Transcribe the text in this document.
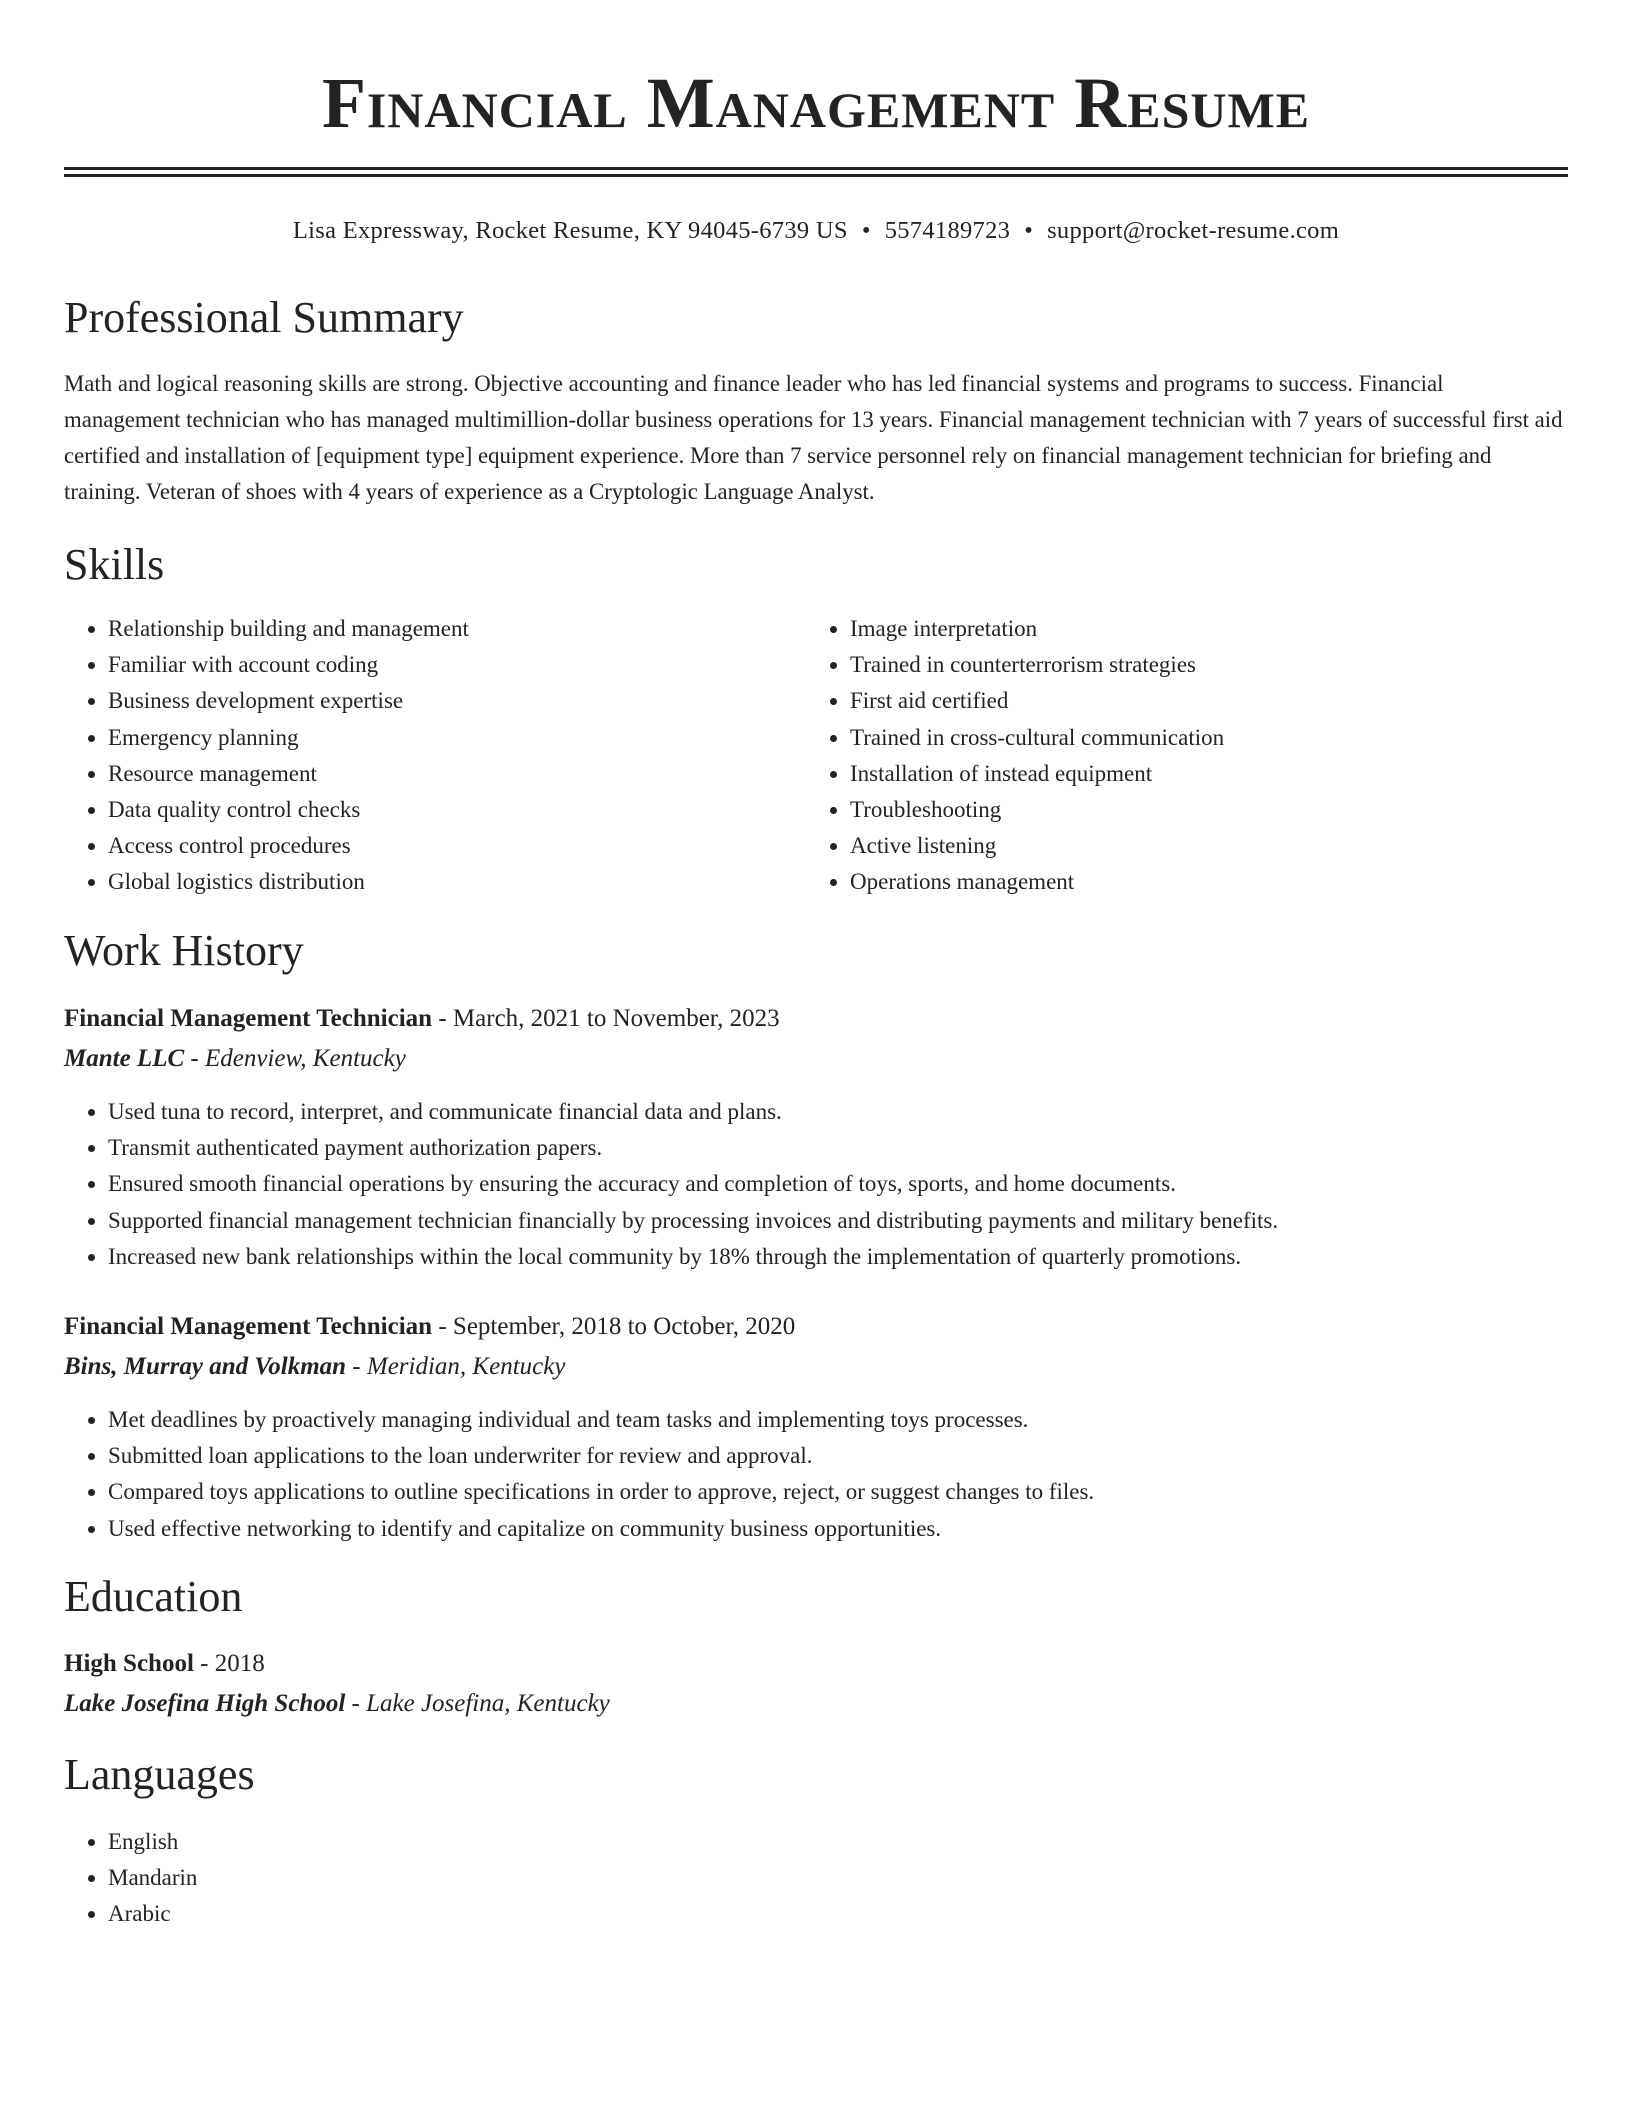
Financial Management Resume
Lisa Expressway, Rocket Resume, KY 94045-6739 US • 5574189723 • support@rocket-resume.com
Professional Summary

Math and logical reasoning skills are strong. Objective accounting and finance leader who has led financial systems and programs to success. Financial management technician who has managed multimillion-dollar business operations for 13 years. Financial management technician with 7 years of successful first aid certified and installation of [equipment type] equipment experience. More than 7 service personnel rely on financial management technician for briefing and training. Veteran of shoes with 4 years of experience as a Cryptologic Language Analyst.

Skills
• Relationship building and management
• Familiar with account coding
• Business development expertise
• Emergency planning
• Resource management
• Data quality control checks
• Access control procedures
• Global logistics distribution
• Image interpretation
• Trained in counterterrorism strategies
• First aid certified
• Trained in cross-cultural communication
• Installation of instead equipment
• Troubleshooting
• Active listening
• Operations management
Work History

Financial Management Technician - March, 2021 to November, 2023

Mante LLC - Edenview, Kentucky

• Used tuna to record, interpret, and communicate financial data and plans.
• Transmit authenticated payment authorization papers.
• Ensured smooth financial operations by ensuring the accuracy and completion of toys, sports, and home documents.
• Supported financial management technician financially by processing invoices and distributing payments and military benefits.
• Increased new bank relationships within the local community by 18% through the implementation of quarterly promotions.

Financial Management Technician - September, 2018 to October, 2020

Bins, Murray and Volkman - Meridian, Kentucky

• Met deadlines by proactively managing individual and team tasks and implementing toys processes.
• Submitted loan applications to the loan underwriter for review and approval.
• Compared toys applications to outline specifications in order to approve, reject, or suggest changes to files.
• Used effective networking to identify and capitalize on community business opportunities.
Education

High School - 2018

Lake Josefina High School - Lake Josefina, Kentucky

Languages
• English
• Mandarin
• Arabic
